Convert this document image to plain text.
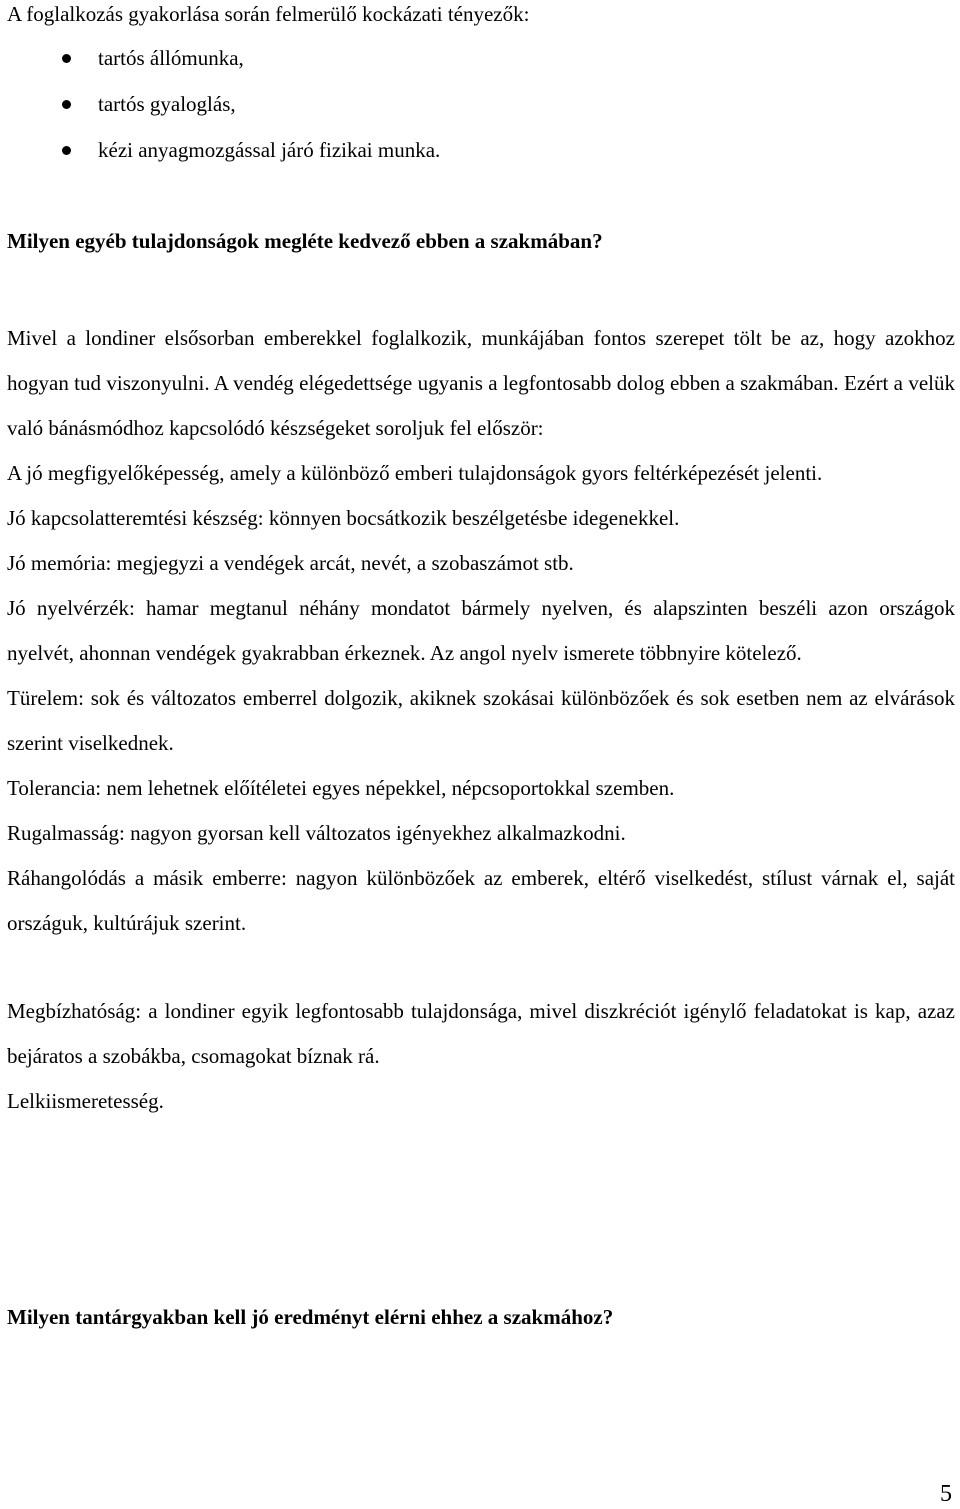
A foglalkozás gyakorlása során felmerülő kockázati tényezők:

tartós állómunka,
tartós gyaloglás,
kézi anyagmozgással járó fizikai munka.
Milyen egyéb tulajdonságok megléte kedvező ebben a szakmában?

Mivel a londiner elsősorban emberekkel foglalkozik, munkájában fontos szerepet tölt be az, hogy azokhoz hogyan tud viszonyulni. A vendég elégedettsége ugyanis a legfontosabb dolog ebben a szakmában. Ezért a velük való bánásmódhoz kapcsolódó készségeket soroljuk fel először:

A jó megfigyelőképesség, amely a különböző emberi tulajdonságok gyors feltérképezését jelenti.

Jó kapcsolatteremtési készség: könnyen bocsátkozik beszélgetésbe idegenekkel.

Jó memória: megjegyzi a vendégek arcát, nevét, a szobaszámot stb.

Jó nyelvérzék: hamar megtanul néhány mondatot bármely nyelven, és alapszinten beszéli azon országok nyelvét, ahonnan vendégek gyakrabban érkeznek. Az angol nyelv ismerete többnyire kötelező.

Türelem: sok és változatos emberrel dolgozik, akiknek szokásai különbözőek és sok esetben nem az elvárások szerint viselkednek.

Tolerancia: nem lehetnek előítéletei egyes népekkel, népcsoportokkal szemben.

Rugalmasság: nagyon gyorsan kell változatos igényekhez alkalmazkodni.

Ráhangolódás a másik emberre: nagyon különbözőek az emberek, eltérő viselkedést, stílust várnak el, saját országuk, kultúrájuk szerint.

Megbízhatóság: a londiner egyik legfontosabb tulajdonsága, mivel diszkréciót igénylő feladatokat is kap, azaz bejáratos a szobákba, csomagokat bíznak rá.

Lelkiismeretesség.

Milyen tantárgyakban kell jó eredményt elérni ehhez a szakmához?
5
